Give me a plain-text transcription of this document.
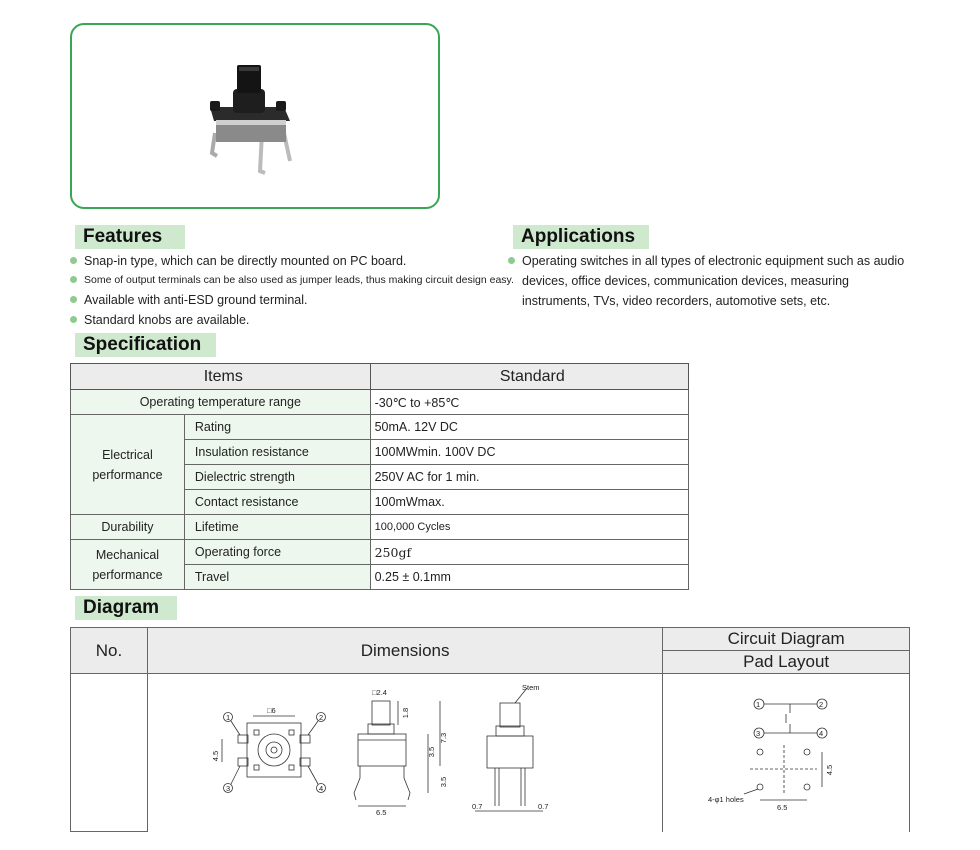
Features
Snap-in type, which can be directly mounted on PC board.
Some of output terminals can be also used as jumper leads, thus making circuit design easy.
Available with anti-ESD ground terminal.
Standard knobs are available.
Applications
Operating switches in all types of electronic equipment such as audio
devices, office devices, communication devices, measuring
instruments, TVs, video recorders, automotive sets, etc.
Specification
Items		Standard
Operating temperature range		-30℃ to +85℃
Electrical
performance	Rating	50mA. 12V DC
	Insulation resistance	100MWmin. 100V DC
	Dielectric strength	250V AC for 1 min.
	Contact resistance	100mWmax.
Durability	Lifetime	100,000 Cycles
Mechanical
performance	Operating force	250gf
	Travel	0.25 ± 0.1mm
Diagram
No.	Dimensions	Circuit Diagram
		Pad Layout

□6
4.5
1	2
3	4
□2.4
1.8
7.3
3.5
3.5
6.5
Stem
0.7	0.7
1	2
3	4
4-φ1 holes
6.5
4.5
